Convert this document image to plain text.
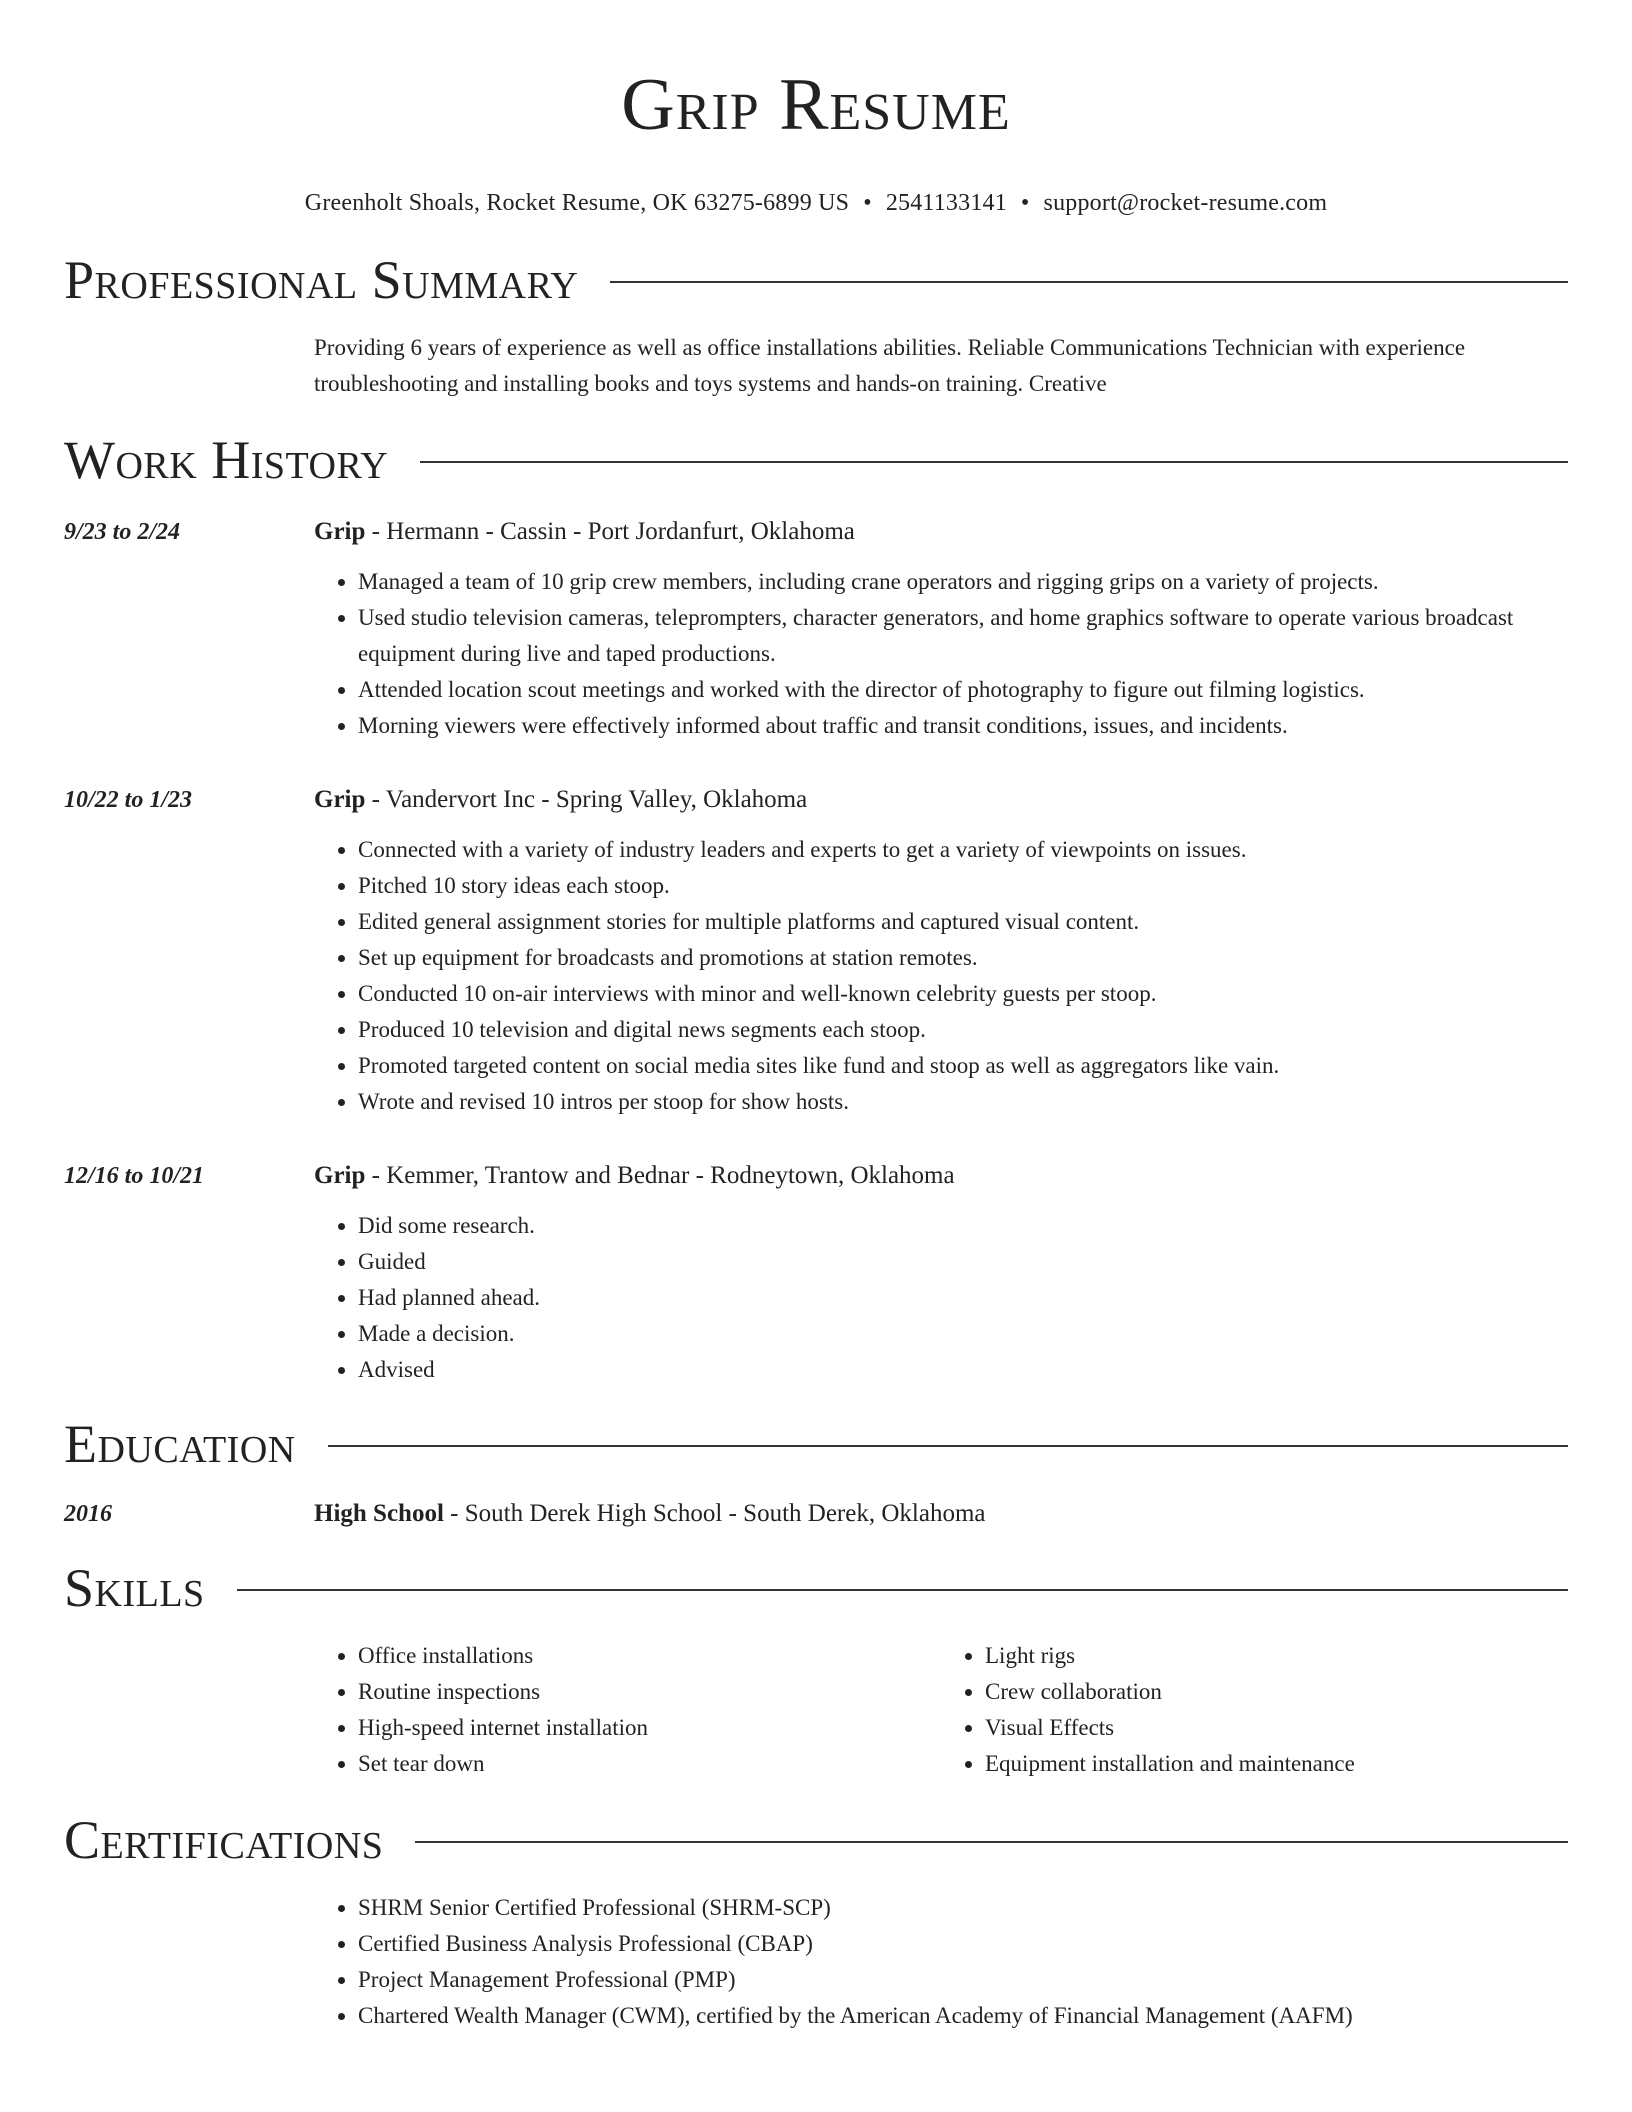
Grip Resume
Greenholt Shoals, Rocket Resume, OK 63275-6899 US • 2541133141 • support@rocket-resume.com
Professional Summary
Providing 6 years of experience as well as office installations abilities. Reliable Communications Technician with experience troubleshooting and installing books and toys systems and hands-on training. Creative
Work History
9/23 to 2/24	Grip - Hermann - Cassin - Port Jordanfurt, Oklahoma
• Managed a team of 10 grip crew members, including crane operators and rigging grips on a variety of projects.
• Used studio television cameras, teleprompters, character generators, and home graphics software to operate various broadcast equipment during live and taped productions.
• Attended location scout meetings and worked with the director of photography to figure out filming logistics.
• Morning viewers were effectively informed about traffic and transit conditions, issues, and incidents.
10/22 to 1/23	Grip - Vandervort Inc - Spring Valley, Oklahoma
• Connected with a variety of industry leaders and experts to get a variety of viewpoints on issues.
• Pitched 10 story ideas each stoop.
• Edited general assignment stories for multiple platforms and captured visual content.
• Set up equipment for broadcasts and promotions at station remotes.
• Conducted 10 on-air interviews with minor and well-known celebrity guests per stoop.
• Produced 10 television and digital news segments each stoop.
• Promoted targeted content on social media sites like fund and stoop as well as aggregators like vain.
• Wrote and revised 10 intros per stoop for show hosts.
12/16 to 10/21	Grip - Kemmer, Trantow and Bednar - Rodneytown, Oklahoma
• Did some research.
• Guided
• Had planned ahead.
• Made a decision.
• Advised
Education
2016	High School - South Derek High School - South Derek, Oklahoma
Skills
• Office installations
• Routine inspections
• High-speed internet installation
• Set tear down
• Light rigs
• Crew collaboration
• Visual Effects
• Equipment installation and maintenance
Certifications
• SHRM Senior Certified Professional (SHRM-SCP)
• Certified Business Analysis Professional (CBAP)
• Project Management Professional (PMP)
• Chartered Wealth Manager (CWM), certified by the American Academy of Financial Management (AAFM)
